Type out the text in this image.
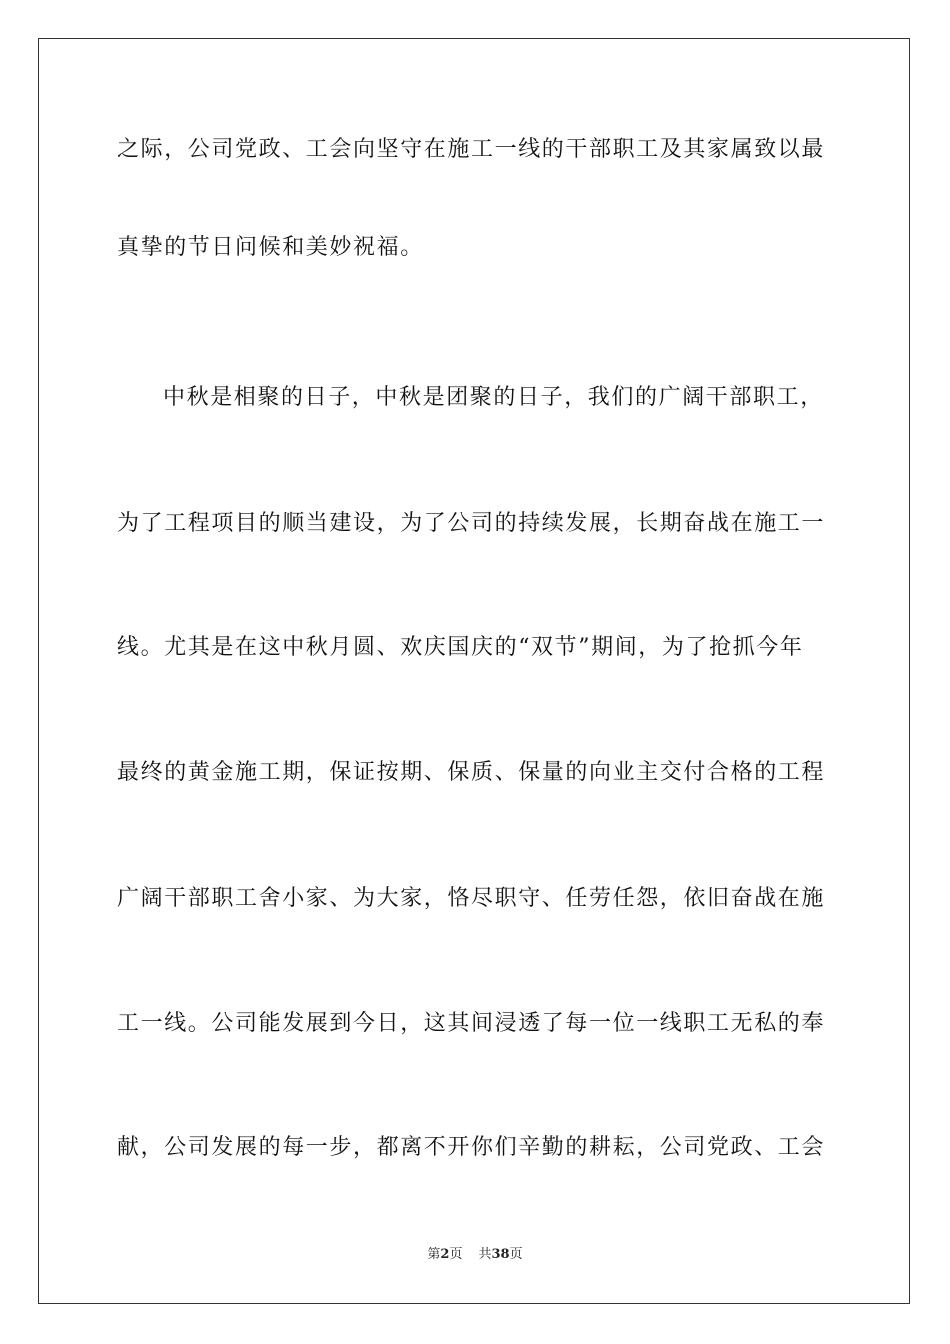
之际，公司党政、工会向坚守在施工一线的干部职工及其家属致以最
真挚的节日问候和美妙祝福。
中秋是相聚的日子，中秋是团聚的日子，我们的广阔干部职工，
为了工程项目的顺当建设，为了公司的持续发展，长期奋战在施工一
线。尤其是在这中秋月圆、欢庆国庆的“双节”期间，为了抢抓今年
最终的黄金施工期，保证按期、保质、保量的向业主交付合格的工程
广阔干部职工舍小家、为大家，恪尽职守、任劳任怨，依旧奋战在施
工一线。公司能发展到今日，这其间浸透了每一位一线职工无私的奉
献，公司发展的每一步，都离不开你们辛勤的耕耘，公司党政、工会
第2页 共38页
